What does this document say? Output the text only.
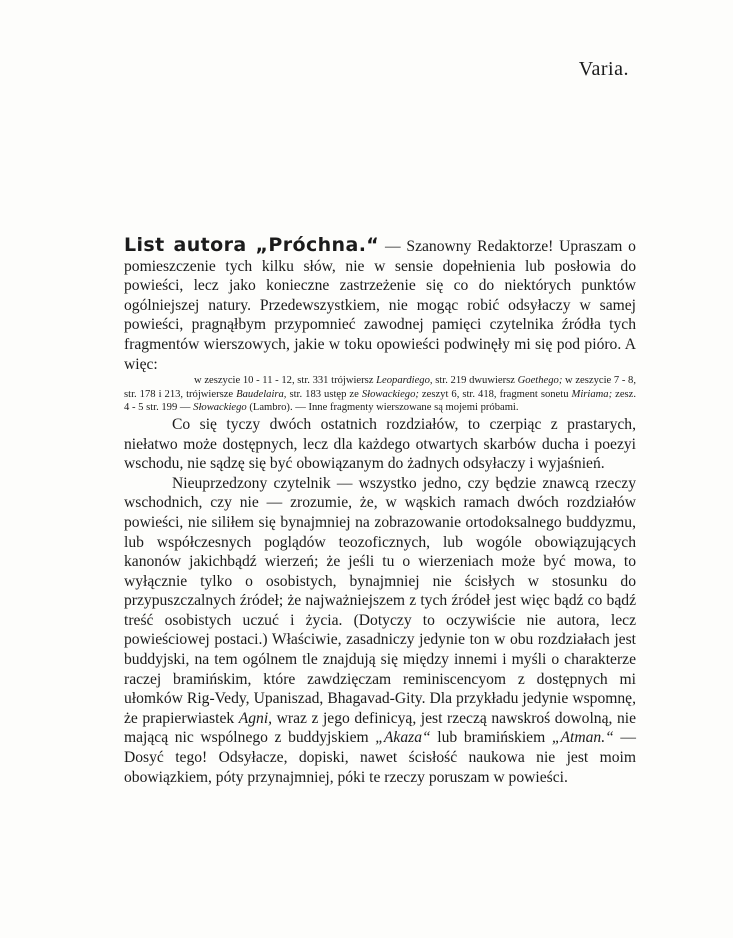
Varia.

List autora „Próchna.“ — Szanowny Redaktorze! Upraszam o pomieszczenie tych kilku słów, nie w sensie dopełnienia lub posłowia do powieści, lecz jako konieczne zastrzeżenie się co do niektórych punktów ogólniejszej natury. Przedewszystkiem, nie mogąc robić odsyłaczy w samej powieści, pragnąłbym przypomnieć zawodnej pamięci czytelnika źródła tych fragmentów wierszowych, jakie w toku opowieści podwinęły mi się pod pióro. A więc:

w zeszycie 10 - 11 - 12, str. 331 trójwiersz Leopardiego, str. 219 dwuwiersz Goethego; w zeszycie 7 - 8, str. 178 i 213, trójwiersze Baudelaira, str. 183 ustęp ze Słowackiego; zeszyt 6, str. 418, fragment sonetu Miriama; zesz. 4 - 5 str. 199 — Słowackiego (Lambro). — Inne fragmenty wierszowane są mojemi próbami.

Co się tyczy dwóch ostatnich rozdziałów, to czerpiąc z prastarych, niełatwo może dostępnych, lecz dla każdego otwartych skarbów ducha i poezyi wschodu, nie sądzę się być obowiązanym do żadnych odsyłaczy i wyjaśnień.

Nieuprzedzony czytelnik — wszystko jedno, czy będzie znawcą rzeczy wschodnich, czy nie — zrozumie, że, w wąskich ramach dwóch rozdziałów powieści, nie siliłem się bynajmniej na zobrazowanie ortodoksalnego buddyzmu, lub współczesnych poglądów teozoficznych, lub wogóle obowiązujących kanonów jakichbądź wierzeń; że jeśli tu o wierzeniach może być mowa, to wyłącznie tylko o osobistych, bynajmniej nie ścisłych w stosunku do przypuszczalnych źródeł; że najważniejszem z tych źródeł jest więc bądź co bądź treść osobistych uczuć i życia. (Dotyczy to oczywiście nie autora, lecz powieściowej postaci.) Właściwie, zasadniczy jedynie ton w obu rozdziałach jest buddyjski, na tem ogólnem tle znajdują się między innemi i myśli o charakterze raczej bramińskim, które zawdzięczam reminiscencyom z dostępnych mi ułomków Rig-Vedy, Upaniszad, Bhagavad-Gity. Dla przykładu jedynie wspomnę, że prapierwiastek Agni, wraz z jego definicyą, jest rzeczą nawskroś dowolną, nie mającą nic wspólnego z buddyjskiem „Akaza“ lub bramińskiem „Atman.“ — Dosyć tego! Odsyłacze, dopiski, nawet ścisłość naukowa nie jest moim obowiązkiem, póty przynajmniej, póki te rzeczy poruszam w powieści.
